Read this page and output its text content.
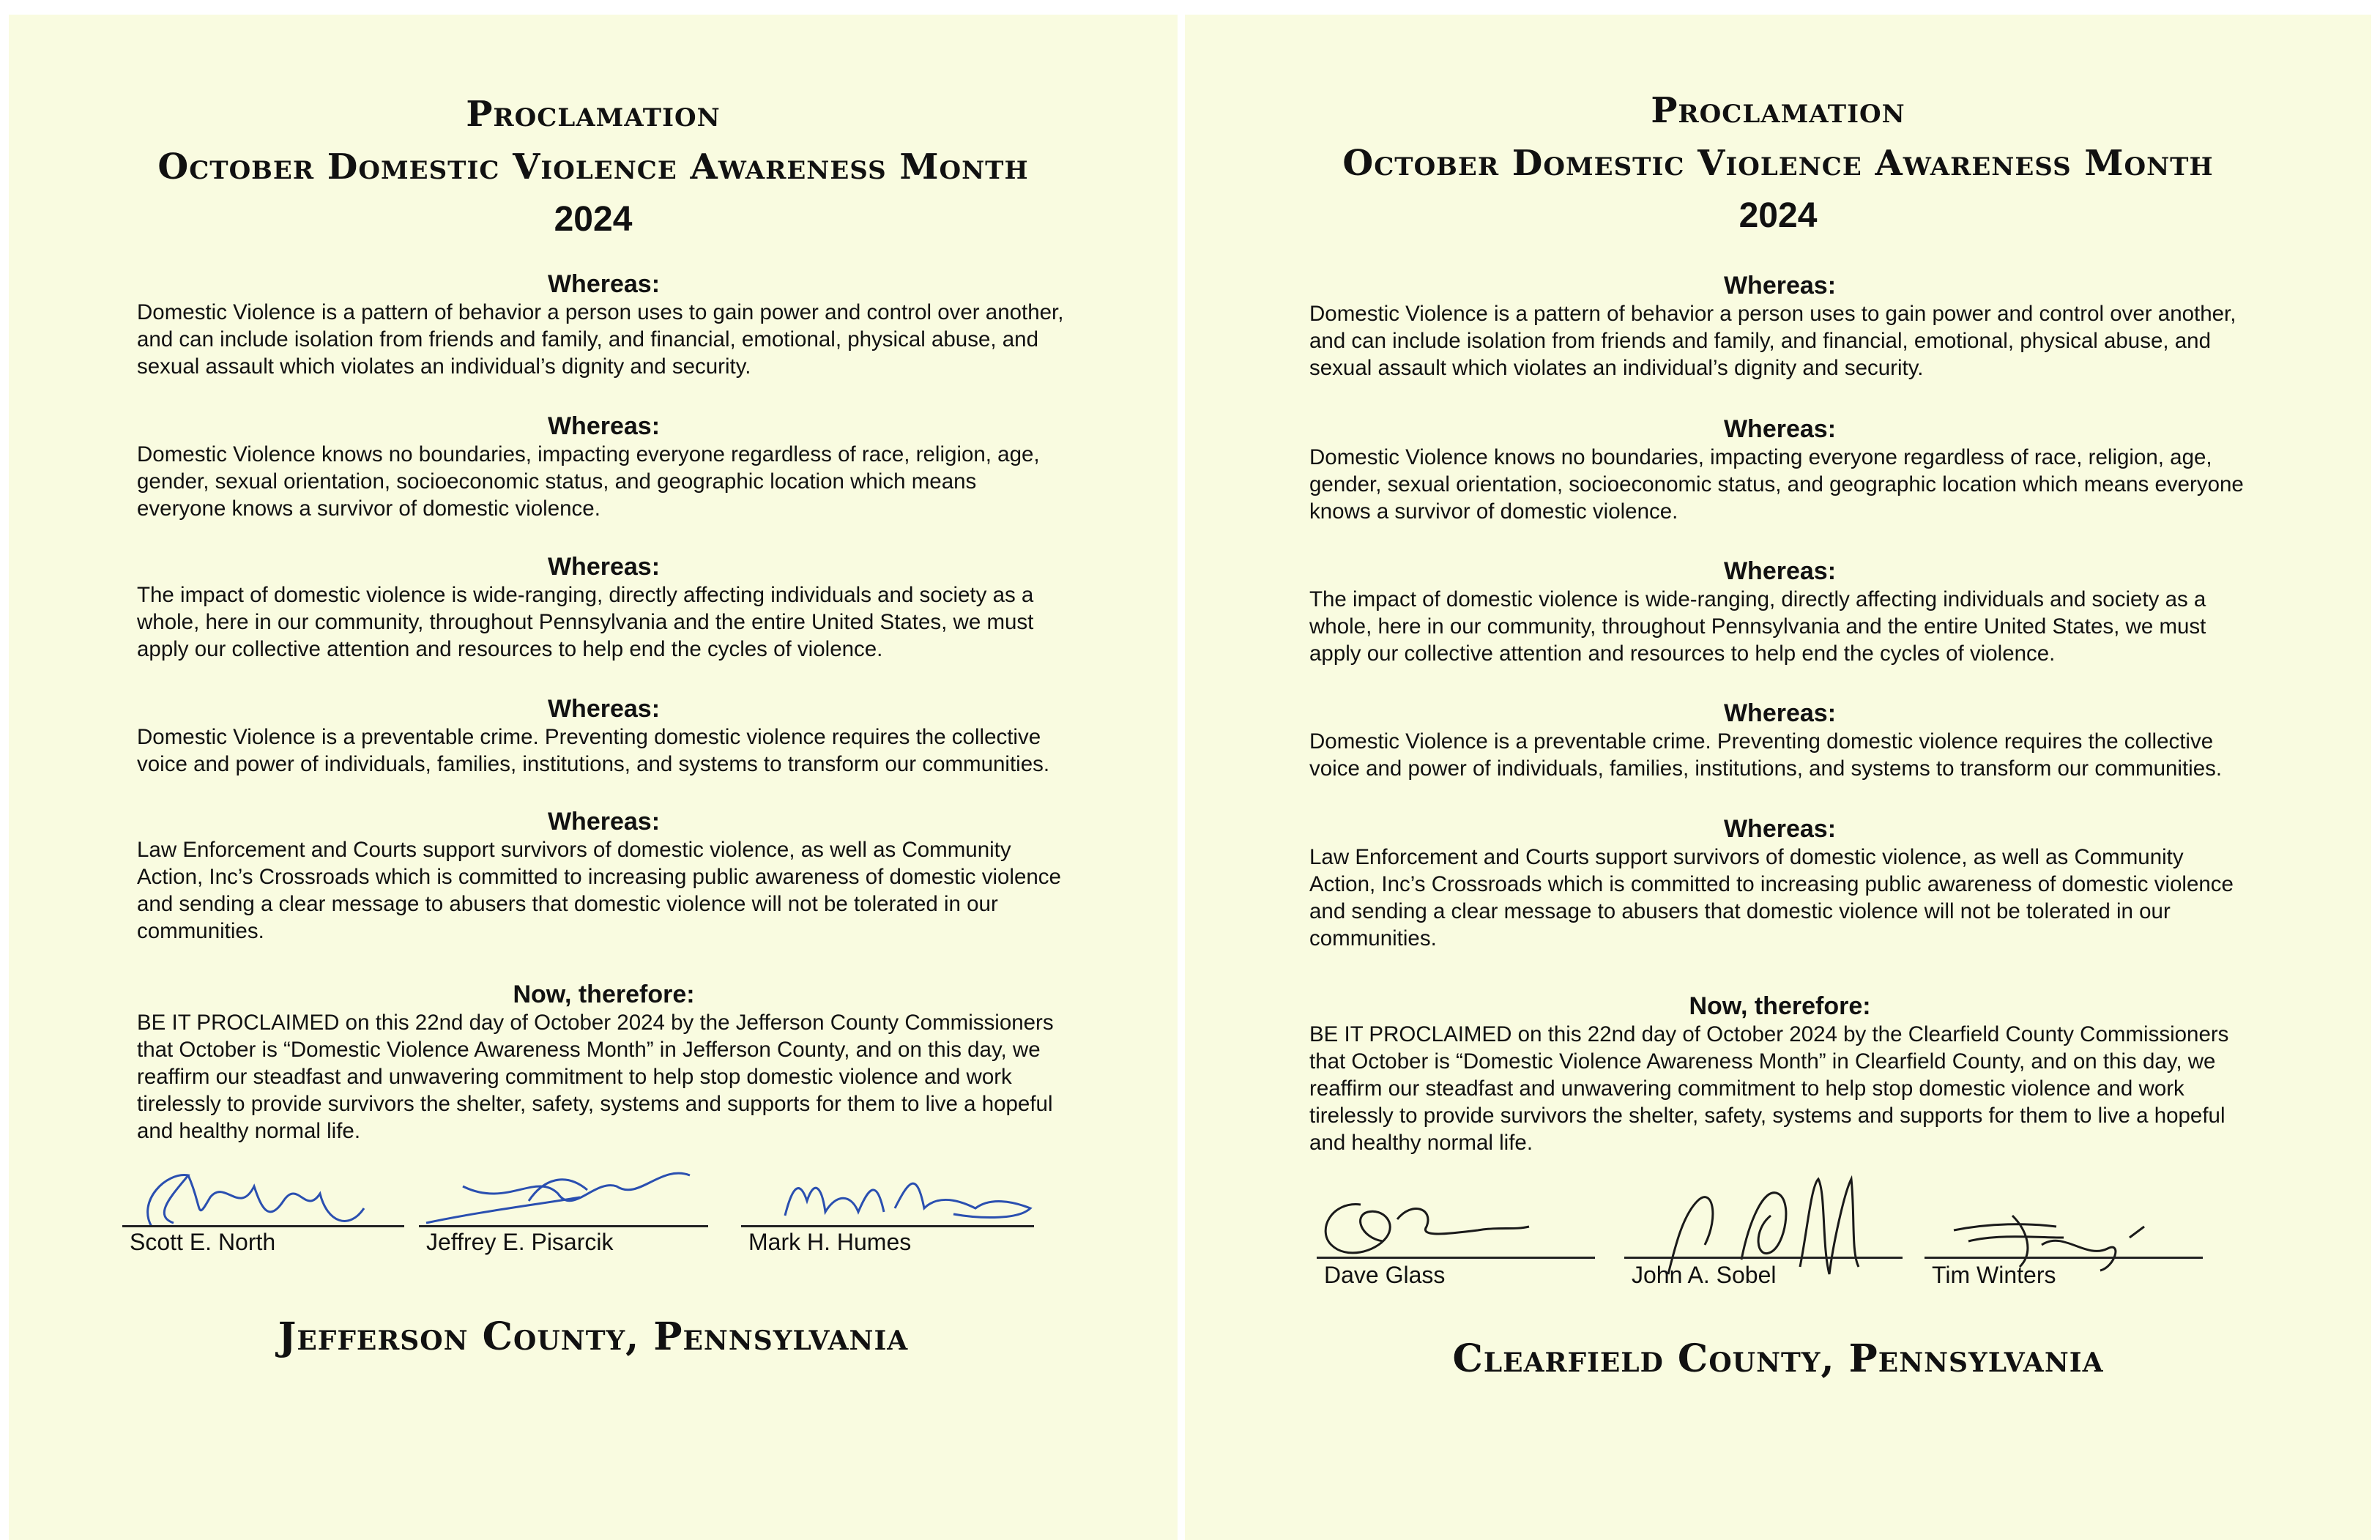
Proclamation
October Domestic Violence Awareness Month
2024
Whereas:
Domestic Violence is a pattern of behavior a person uses to gain power and control over another, and can include isolation from friends and family, and financial, emotional, physical abuse, and sexual assault which violates an individual’s dignity and security.
Whereas:
Domestic Violence knows no boundaries, impacting everyone regardless of race, religion, age, gender, sexual orientation, socioeconomic status, and geographic location which means everyone knows a survivor of domestic violence.
Whereas:
The impact of domestic violence is wide-ranging, directly affecting individuals and society as a whole, here in our community, throughout Pennsylvania and the entire United States, we must apply our collective attention and resources to help end the cycles of violence.
Whereas:
Domestic Violence is a preventable crime. Preventing domestic violence requires the collective voice and power of individuals, families, institutions, and systems to transform our communities.
Whereas:
Law Enforcement and Courts support survivors of domestic violence, as well as Community Action, Inc’s Crossroads which is committed to increasing public awareness of domestic violence and sending a clear message to abusers that domestic violence will not be tolerated in our communities.
Now, therefore:
BE IT PROCLAIMED on this 22nd day of October 2024 by the Jefferson County Commissioners that October is “Domestic Violence Awareness Month” in Jefferson County, and on this day, we reaffirm our steadfast and unwavering commitment to help stop domestic violence and work tirelessly to provide survivors the shelter, safety, systems and supports for them to live a hopeful and healthy normal life.
Scott E. North	Jeffrey E. Pisarcik	Mark H. Humes
Jefferson County, Pennsylvania
Proclamation
October Domestic Violence Awareness Month
2024
Whereas:
Domestic Violence is a pattern of behavior a person uses to gain power and control over another, and can include isolation from friends and family, and financial, emotional, physical abuse, and sexual assault which violates an individual’s dignity and security.
Whereas:
Domestic Violence knows no boundaries, impacting everyone regardless of race, religion, age, gender, sexual orientation, socioeconomic status, and geographic location which means everyone knows a survivor of domestic violence.
Whereas:
The impact of domestic violence is wide-ranging, directly affecting individuals and society as a whole, here in our community, throughout Pennsylvania and the entire United States, we must apply our collective attention and resources to help end the cycles of violence.
Whereas:
Domestic Violence is a preventable crime. Preventing domestic violence requires the collective voice and power of individuals, families, institutions, and systems to transform our communities.
Whereas:
Law Enforcement and Courts support survivors of domestic violence, as well as Community Action, Inc’s Crossroads which is committed to increasing public awareness of domestic violence and sending a clear message to abusers that domestic violence will not be tolerated in our communities.
Now, therefore:
BE IT PROCLAIMED on this 22nd day of October 2024 by the Clearfield County Commissioners that October is “Domestic Violence Awareness Month” in Clearfield County, and on this day, we reaffirm our steadfast and unwavering commitment to help stop domestic violence and work tirelessly to provide survivors the shelter, safety, systems and supports for them to live a hopeful and healthy normal life.
Dave Glass	John A. Sobel	Tim Winters
Clearfield County, Pennsylvania
